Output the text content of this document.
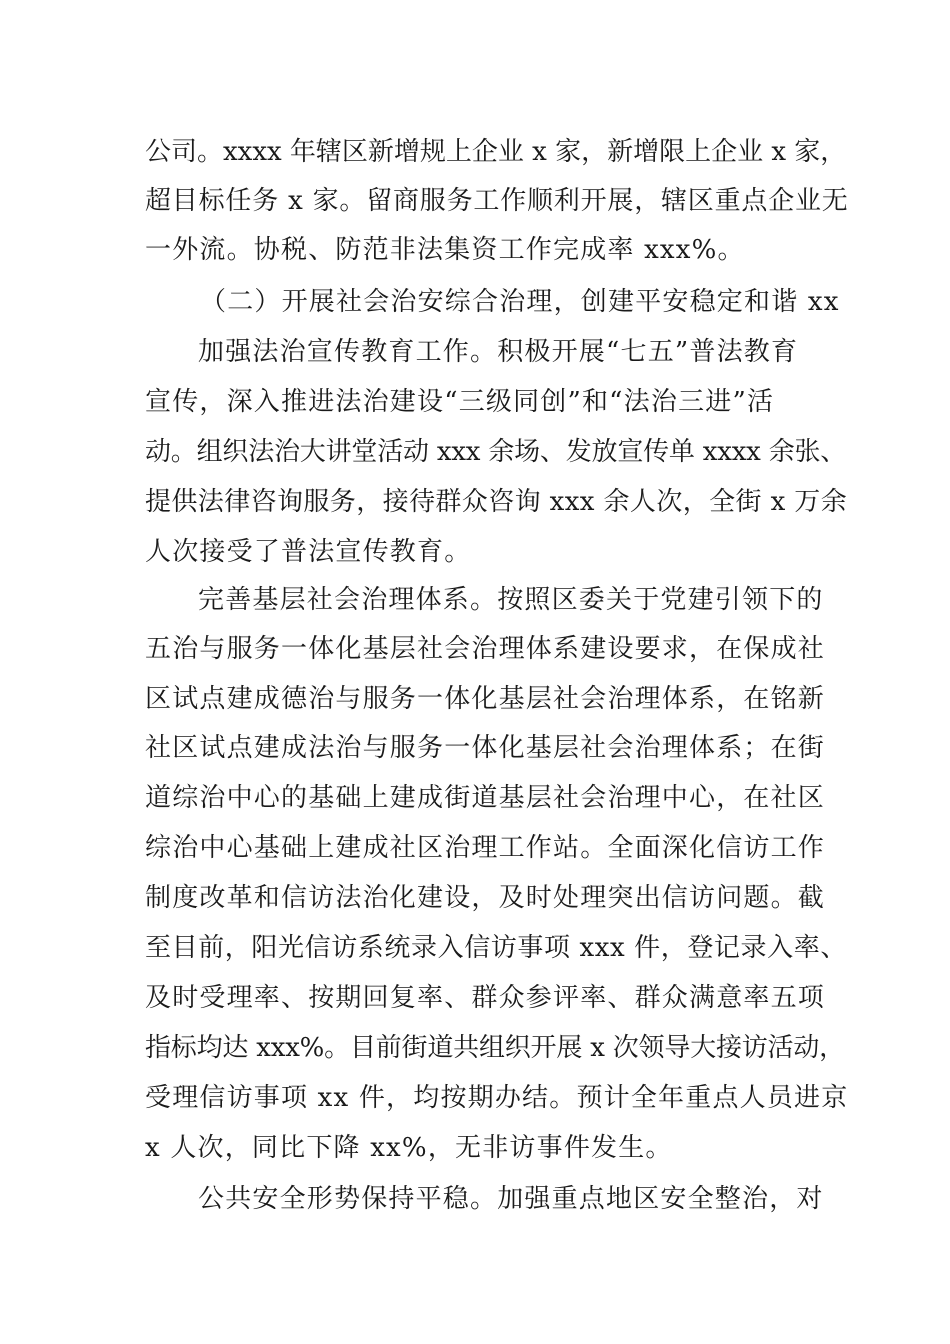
公司。xxxx 年辖区新增规上企业 x 家，新增限上企业 x 家，
超目标任务 x 家。留商服务工作顺利开展，辖区重点企业无
一外流。协税、防范非法集资工作完成率 xxx%。
（二）开展社会治安综合治理，创建平安稳定和谐 xx
加强法治宣传教育工作。积极开展“七五”普法教育
宣传，深入推进法治建设“三级同创”和“法治三进”活
动。组织法治大讲堂活动 xxx 余场、发放宣传单 xxxx 余张、
提供法律咨询服务，接待群众咨询 xxx 余人次，全街 x 万余
人次接受了普法宣传教育。
完善基层社会治理体系。按照区委关于党建引领下的
五治与服务一体化基层社会治理体系建设要求，在保成社
区试点建成德治与服务一体化基层社会治理体系，在铭新
社区试点建成法治与服务一体化基层社会治理体系；在街
道综治中心的基础上建成街道基层社会治理中心，在社区
综治中心基础上建成社区治理工作站。全面深化信访工作
制度改革和信访法治化建设，及时处理突出信访问题。截
至目前，阳光信访系统录入信访事项 xxx 件，登记录入率、
及时受理率、按期回复率、群众参评率、群众满意率五项
指标均达 xxx%。目前街道共组织开展 x 次领导大接访活动，
受理信访事项 xx 件，均按期办结。预计全年重点人员进京
x 人次，同比下降 xx%，无非访事件发生。
公共安全形势保持平稳。加强重点地区安全整治，对
